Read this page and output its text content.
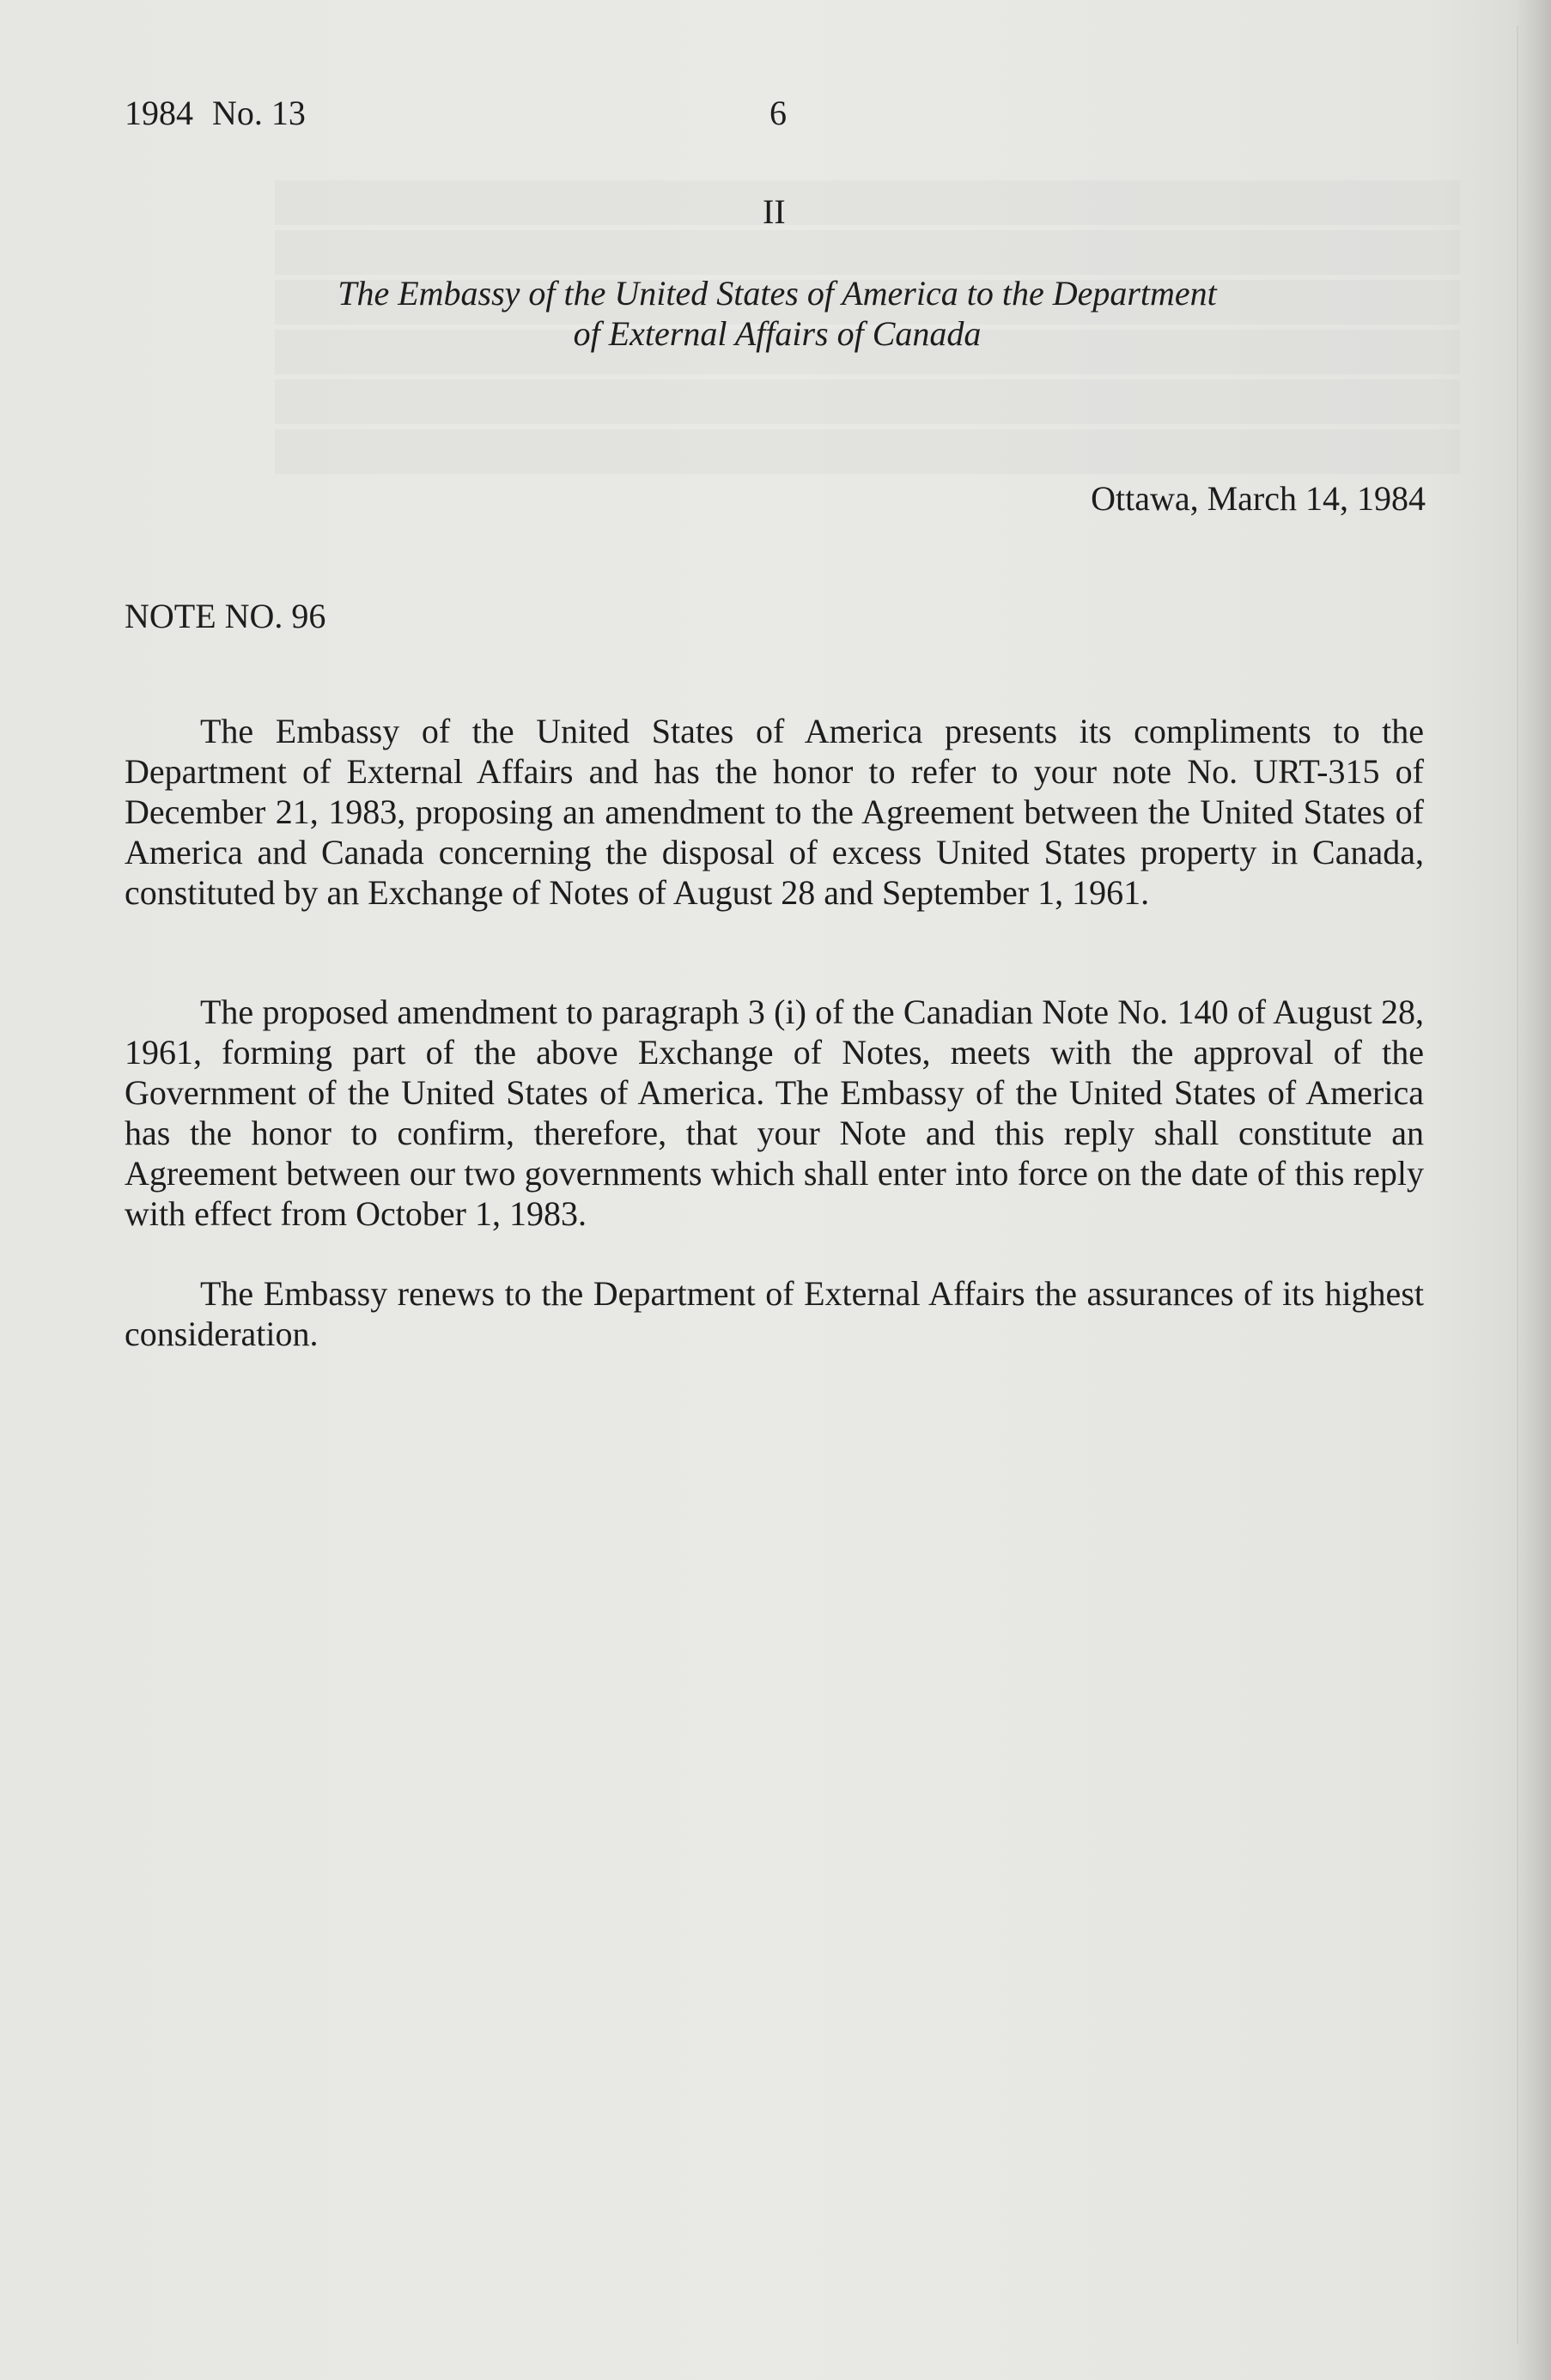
1984 No. 13	6
II
The Embassy of the United States of America to the Department
of External Affairs of Canada
Ottawa, March 14, 1984
NOTE NO. 96

The Embassy of the United States of America presents its compliments to the Department of External Affairs and has the honor to refer to your note No. URT-315 of December 21, 1983, proposing an amendment to the Agreement between the United States of America and Canada concerning the disposal of excess United States property in Canada, constituted by an Exchange of Notes of August 28 and September 1, 1961.

The proposed amendment to paragraph 3 (i) of the Canadian Note No. 140 of August 28, 1961, forming part of the above Exchange of Notes, meets with the approval of the Government of the United States of America. The Embassy of the United States of America has the honor to confirm, therefore, that your Note and this reply shall constitute an Agreement between our two governments which shall enter into force on the date of this reply with effect from October 1, 1983.

The Embassy renews to the Department of External Affairs the assurances of its highest consideration.
